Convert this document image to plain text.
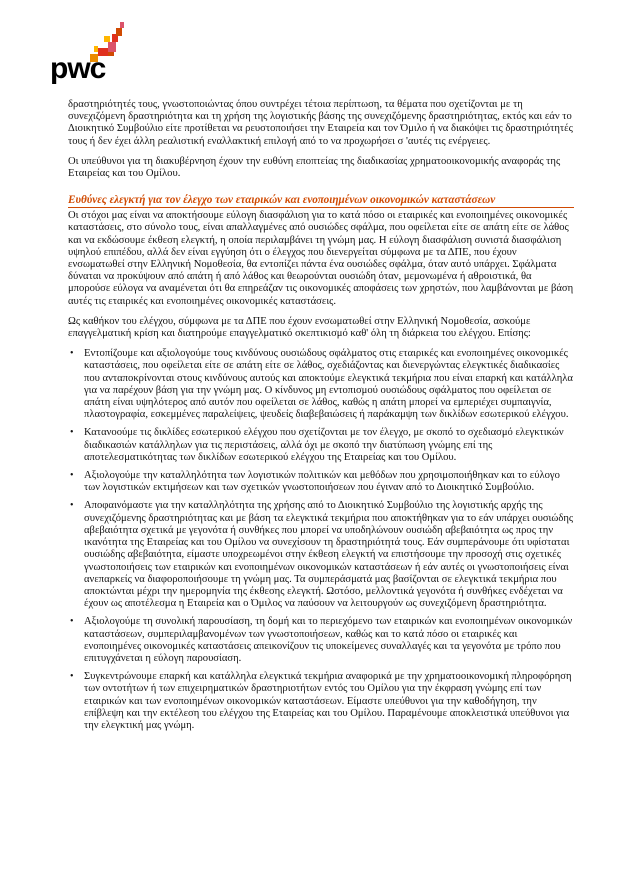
pwc

δραστηριότητές τους, γνωστοποιώντας όπου συντρέχει τέτοια περίπτωση, τα θέματα που σχετίζονται με τη συνεχιζόμενη δραστηριότητα και τη χρήση της λογιστικής βάσης της συνεχιζόμενης δραστηριότητας, εκτός και εάν το Διοικητικό Συμβούλιο είτε προτίθεται να ρευστοποιήσει την Εταιρεία και τον Όμιλο ή να διακόψει τις δραστηριότητές τους ή δεν έχει άλλη ρεαλιστική εναλλακτική επιλογή από το να προχωρήσει σ 'αυτές τις ενέργειες.

Οι υπεύθυνοι για τη διακυβέρνηση έχουν την ευθύνη εποπτείας της διαδικασίας χρηματοοικονομικής αναφοράς της Εταιρείας και του Ομίλου.

Ευθύνες ελεγκτή για τον έλεγχο των εταιρικών και ενοποιημένων οικονομικών καταστάσεων

Οι στόχοι μας είναι να αποκτήσουμε εύλογη διασφάλιση για το κατά πόσο οι εταιρικές και ενοποιημένες οικονομικές καταστάσεις, στο σύνολο τους, είναι απαλλαγμένες από ουσιώδες σφάλμα, που οφείλεται είτε σε απάτη είτε σε λάθος και να εκδώσουμε έκθεση ελεγκτή, η οποία περιλαμβάνει τη γνώμη μας. Η εύλογη διασφάλιση συνιστά διασφάλιση υψηλού επιπέδου, αλλά δεν είναι εγγύηση ότι ο έλεγχος που διενεργείται σύμφωνα με τα ΔΠΕ, που έχουν ενσωματωθεί στην Ελληνική Νομοθεσία, θα εντοπίζει πάντα ένα ουσιώδες σφάλμα, όταν αυτό υπάρχει. Σφάλματα δύναται να προκύψουν από απάτη ή από λάθος και θεωρούνται ουσιώδη όταν, μεμονωμένα ή αθροιστικά, θα μπορούσε εύλογα να αναμένεται ότι θα επηρεάζαν τις οικονομικές αποφάσεις των χρηστών, που λαμβάνονται με βάση αυτές τις εταιρικές και ενοποιημένες οικονομικές καταστάσεις.

Ως καθήκον του ελέγχου, σύμφωνα με τα ΔΠΕ που έχουν ενσωματωθεί στην Ελληνική Νομοθεσία, ασκούμε επαγγελματική κρίση και διατηρούμε επαγγελματικό σκεπτικισμό καθ' όλη τη διάρκεια του ελέγχου. Επίσης:

• Εντοπίζουμε και αξιολογούμε τους κινδύνους ουσιώδους σφάλματος στις εταιρικές και ενοποιημένες οικονομικές καταστάσεις, που οφείλεται είτε σε απάτη είτε σε λάθος, σχεδιάζοντας και διενεργώντας ελεγκτικές διαδικασίες που ανταποκρίνονται στους κινδύνους αυτούς και αποκτούμε ελεγκτικά τεκμήρια που είναι επαρκή και κατάλληλα για να παρέχουν βάση για την γνώμη μας. Ο κίνδυνος μη εντοπισμού ουσιώδους σφάλματος που οφείλεται σε απάτη είναι υψηλότερος από αυτόν που οφείλεται σε λάθος, καθώς η απάτη μπορεί να εμπεριέχει συμπαιγνία, πλαστογραφία, εσκεμμένες παραλείψεις, ψευδείς διαβεβαιώσεις ή παράκαμψη των δικλίδων εσωτερικού ελέγχου.
• Κατανοούμε τις δικλίδες εσωτερικού ελέγχου που σχετίζονται με τον έλεγχο, με σκοπό το σχεδιασμό ελεγκτικών διαδικασιών κατάλληλων για τις περιστάσεις, αλλά όχι με σκοπό την διατύπωση γνώμης επί της αποτελεσματικότητας των δικλίδων εσωτερικού ελέγχου της Εταιρείας και του Ομίλου.
• Αξιολογούμε την καταλληλότητα των λογιστικών πολιτικών και μεθόδων που χρησιμοποιήθηκαν και το εύλογο των λογιστικών εκτιμήσεων και των σχετικών γνωστοποιήσεων που έγιναν από το Διοικητικό Συμβούλιο.
• Αποφαινόμαστε για την καταλληλότητα της χρήσης από το Διοικητικό Συμβούλιο της λογιστικής αρχής της συνεχιζόμενης δραστηριότητας και με βάση τα ελεγκτικά τεκμήρια που αποκτήθηκαν για το εάν υπάρχει ουσιώδης αβεβαιότητα σχετικά με γεγονότα ή συνθήκες που μπορεί να υποδηλώνουν ουσιώδη αβεβαιότητα ως προς την ικανότητα της Εταιρείας και του Ομίλου να συνεχίσουν τη δραστηριότητά τους. Εάν συμπεράνουμε ότι υφίσταται ουσιώδης αβεβαιότητα, είμαστε υποχρεωμένοι στην έκθεση ελεγκτή να επιστήσουμε την προσοχή στις σχετικές γνωστοποιήσεις των εταιρικών και ενοποιημένων οικονομικών καταστάσεων ή εάν αυτές οι γνωστοποιήσεις είναι ανεπαρκείς να διαφοροποιήσουμε τη γνώμη μας. Τα συμπεράσματά μας βασίζονται σε ελεγκτικά τεκμήρια που αποκτώνται μέχρι την ημερομηνία της έκθεσης ελεγκτή. Ωστόσο, μελλοντικά γεγονότα ή συνθήκες ενδέχεται να έχουν ως αποτέλεσμα η Εταιρεία και ο Όμιλος να παύσουν να λειτουργούν ως συνεχιζόμενη δραστηριότητα.
• Αξιολογούμε τη συνολική παρουσίαση, τη δομή και το περιεχόμενο των εταιρικών και ενοποιημένων οικονομικών καταστάσεων, συμπεριλαμβανομένων των γνωστοποιήσεων, καθώς και το κατά πόσο οι εταιρικές και ενοποιημένες οικονομικές καταστάσεις απεικονίζουν τις υποκείμενες συναλλαγές και τα γεγονότα με τρόπο που επιτυγχάνεται η εύλογη παρουσίαση.
• Συγκεντρώνουμε επαρκή και κατάλληλα ελεγκτικά τεκμήρια αναφορικά με την χρηματοοικονομική πληροφόρηση των οντοτήτων ή των επιχειρηματικών δραστηριοτήτων εντός του Ομίλου για την έκφραση γνώμης επί των εταιρικών και των ενοποιημένων οικονομικών καταστάσεων. Είμαστε υπεύθυνοι για την καθοδήγηση, την επίβλεψη και την εκτέλεση του ελέγχου της Εταιρείας και του Ομίλου. Παραμένουμε αποκλειστικά υπεύθυνοι για την ελεγκτική μας γνώμη.
